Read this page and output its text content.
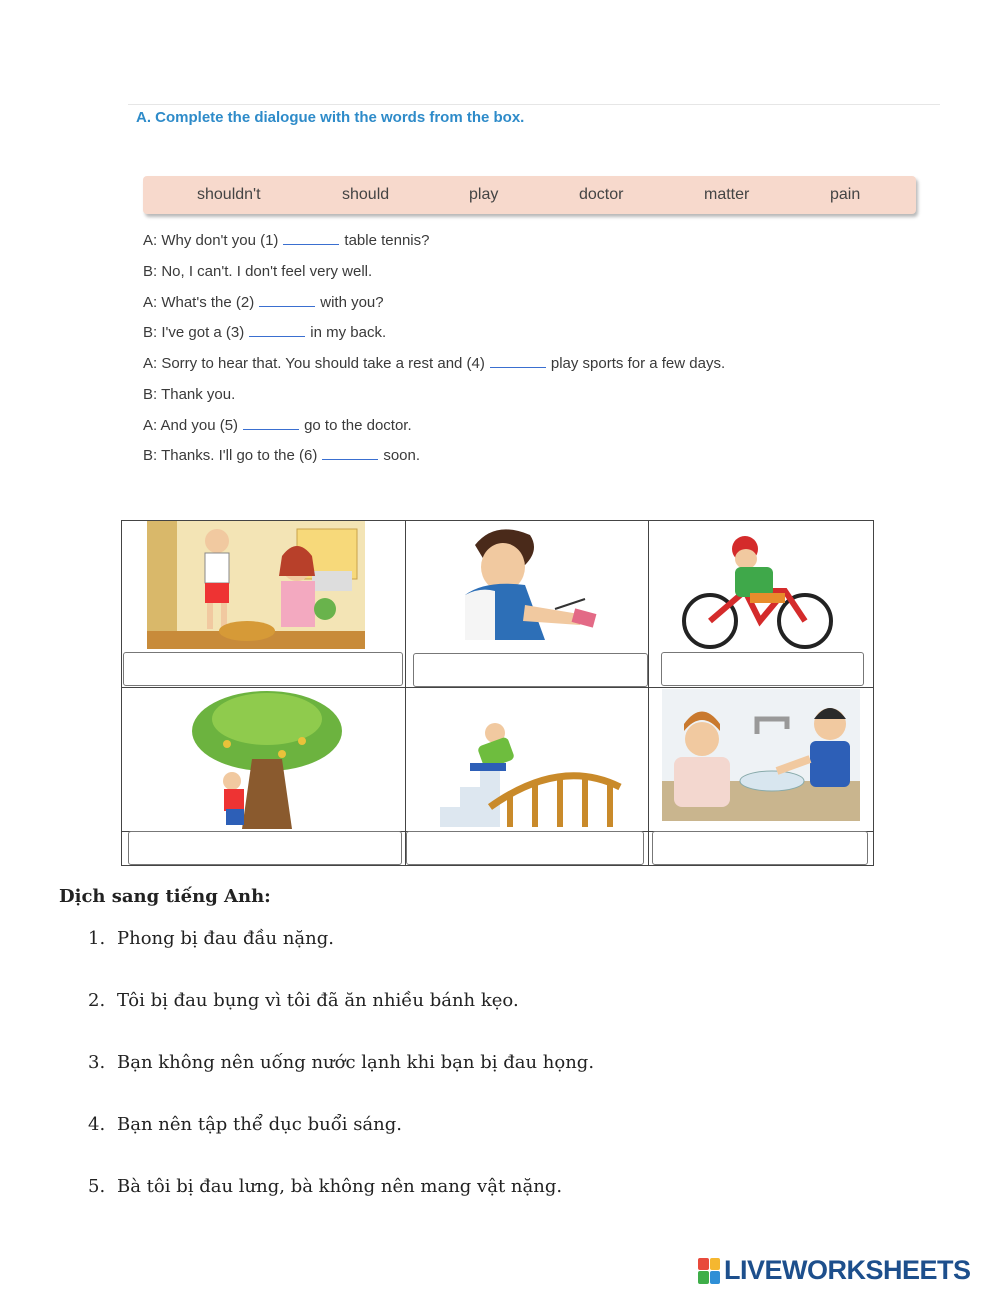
A. Complete the dialogue with the words from the box.
shouldn't	should	play	doctor	matter	pain
A: Why don't you (1)	table tennis?
B: No, I can't. I don't feel very well.
A: What's the (2)	with you?
B: I've got a (3)	in my back.
A: Sorry to hear that. You should take a rest and (4)	play sports for a few days.
B: Thank you.
A: And you (5)	go to the doctor.
B: Thanks. I'll go to the (6)	soon.
Dịch sang tiếng Anh:
1. Phong bị đau đầu nặng.
2. Tôi bị đau bụng vì tôi đã ăn nhiều bánh kẹo.
3. Bạn không nên uống nước lạnh khi bạn bị đau họng.
4. Bạn nên tập thể dục buổi sáng.
5. Bà tôi bị đau lưng, bà không nên mang vật nặng.
LIVEWORKSHEETS
